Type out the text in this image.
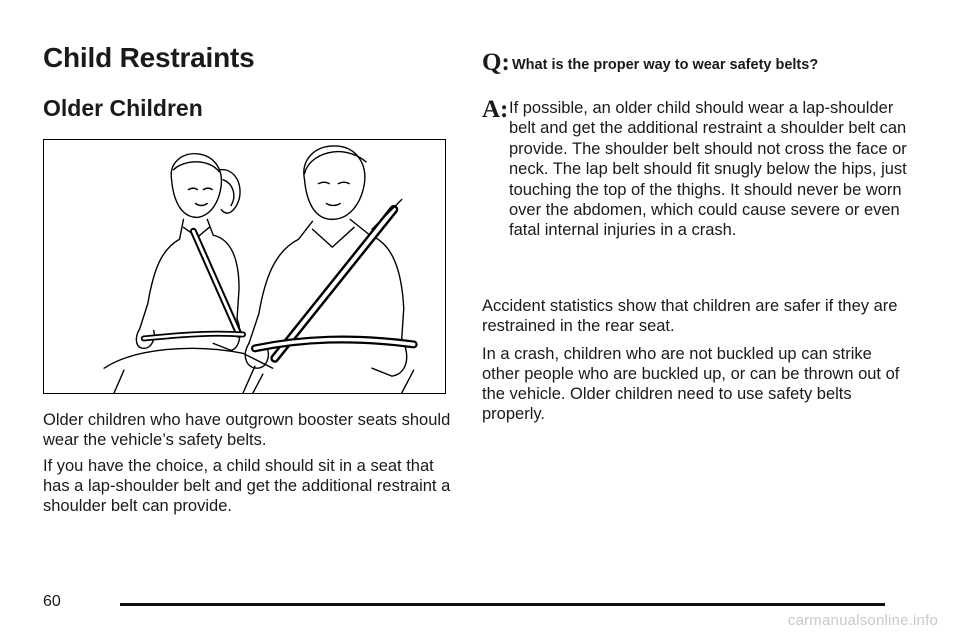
Child Restraints
Older Children

Older children who have outgrown booster seats should wear the vehicle’s safety belts.

If you have the choice, a child should sit in a seat that has a lap-shoulder belt and get the additional restraint a shoulder belt can provide.

Q: What is the proper way to wear safety belts?

A: If possible, an older child should wear a lap-shoulder belt and get the additional restraint a shoulder belt can provide. The shoulder belt should not cross the face or neck. The lap belt should fit snugly below the hips, just touching the top of the thighs. It should never be worn over the abdomen, which could cause severe or even fatal internal injuries in a crash.

Accident statistics show that children are safer if they are restrained in the rear seat.

In a crash, children who are not buckled up can strike other people who are buckled up, or can be thrown out of the vehicle. Older children need to use safety belts properly.

60
carmanualsonline.info
